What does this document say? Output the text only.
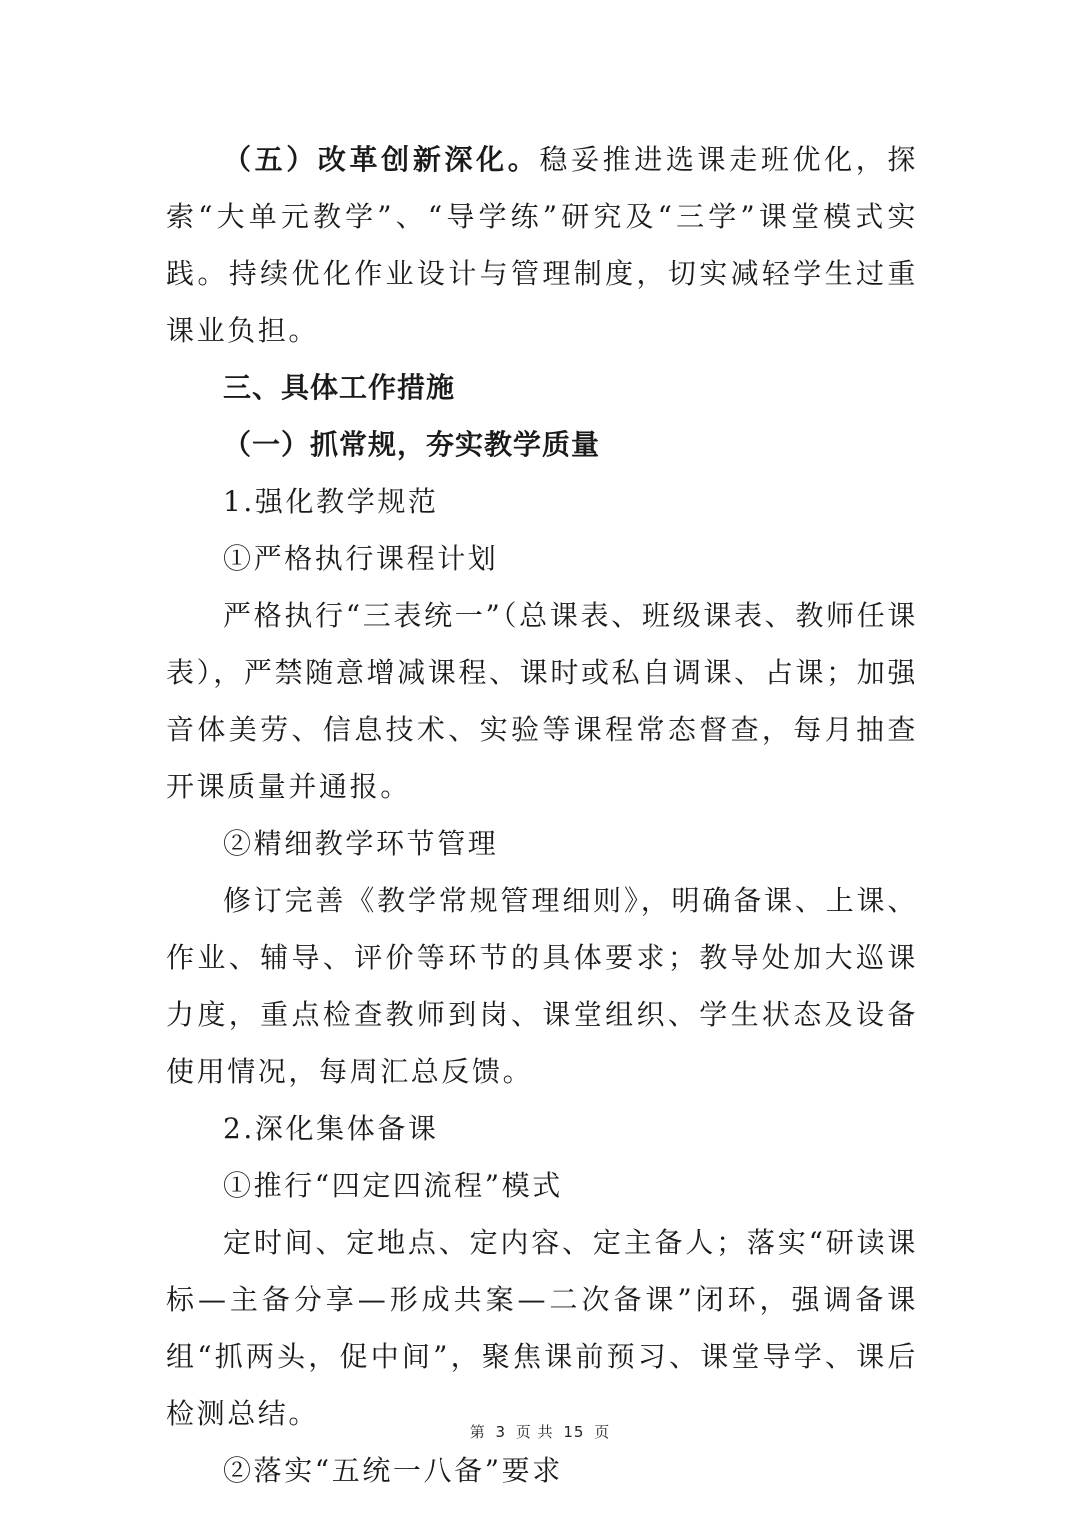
（五）改革创新深化。稳妥推进选课走班优化，探索“大单元教学”、“导学练”研究及“三学”课堂模式实践。持续优化作业设计与管理制度，切实减轻学生过重课业负担。

三、具体工作措施

（一）抓常规，夯实教学质量

1.强化教学规范

①严格执行课程计划

严格执行“三表统一”（总课表、班级课表、教师任课表），严禁随意增减课程、课时或私自调课、占课；加强音体美劳、信息技术、实验等课程常态督查，每月抽查开课质量并通报。

②精细教学环节管理

修订完善《教学常规管理细则》，明确备课、上课、作业、辅导、评价等环节的具体要求；教导处加大巡课力度，重点检查教师到岗、课堂组织、学生状态及设备使用情况，每周汇总反馈。

2.深化集体备课

①推行“四定四流程”模式

定时间、定地点、定内容、定主备人；落实“研读课标—主备分享—形成共案—二次备课”闭环，强调备课组“抓两头，促中间”，聚焦课前预习、课堂导学、课后检测总结。

②落实“五统一八备”要求

第 3 页 共 15 页
